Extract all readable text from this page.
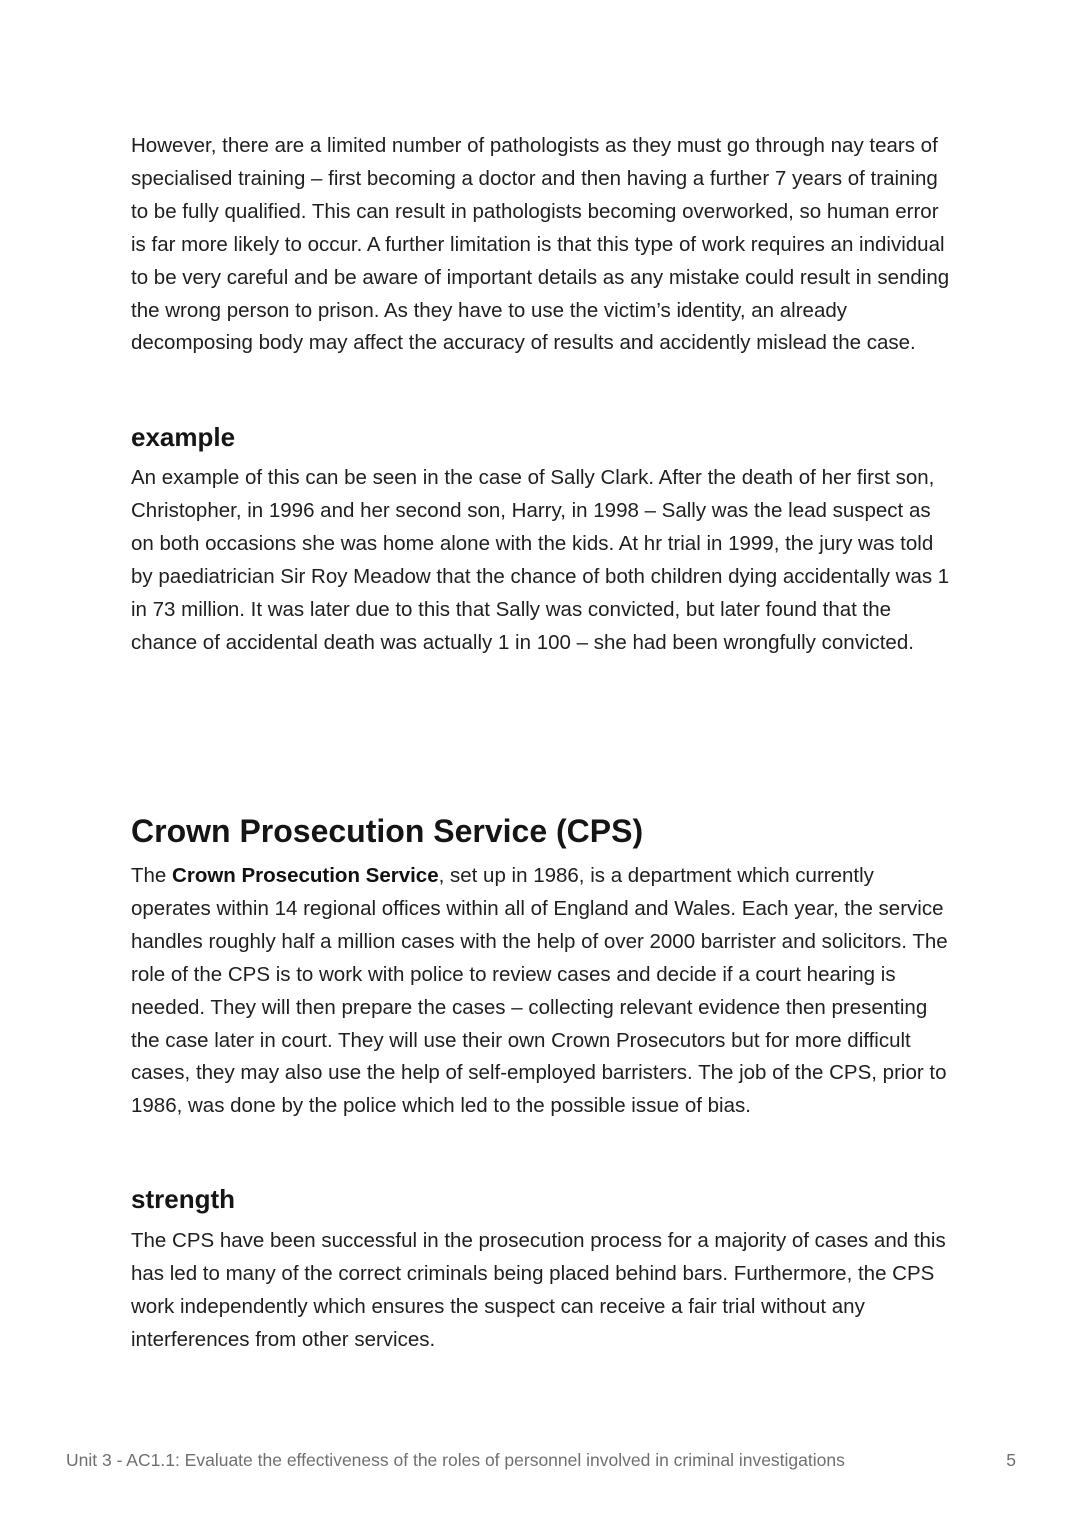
However, there are a limited number of pathologists as they must go through nay tears of specialised training – first becoming a doctor and then having a further 7 years of training to be fully qualified. This can result in pathologists becoming overworked, so human error is far more likely to occur. A further limitation is that this type of work requires an individual to be very careful and be aware of important details as any mistake could result in sending the wrong person to prison. As they have to use the victim’s identity, an already decomposing body may affect the accuracy of results and accidently mislead the case.

example

An example of this can be seen in the case of Sally Clark. After the death of her first son, Christopher, in 1996 and her second son, Harry, in 1998 – Sally was the lead suspect as on both occasions she was home alone with the kids. At hr trial in 1999, the jury was told by paediatrician Sir Roy Meadow that the chance of both children dying accidentally was 1 in 73 million. It was later due to this that Sally was convicted, but later found that the chance of accidental death was actually 1 in 100 – she had been wrongfully convicted.

Crown Prosecution Service (CPS)

The Crown Prosecution Service, set up in 1986, is a department which currently operates within 14 regional offices within all of England and Wales. Each year, the service handles roughly half a million cases with the help of over 2000 barrister and solicitors. The role of the CPS is to work with police to review cases and decide if a court hearing is needed. They will then prepare the cases – collecting relevant evidence then presenting the case later in court. They will use their own Crown Prosecutors but for more difficult cases, they may also use the help of self-employed barristers. The job of the CPS, prior to 1986, was done by the police which led to the possible issue of bias.

strength

The CPS have been successful in the prosecution process for a majority of cases and this has led to many of the correct criminals being placed behind bars. Furthermore, the CPS work independently which ensures the suspect can receive a fair trial without any interferences from other services.

Unit 3 - AC1.1: Evaluate the effectiveness of the roles of personnel involved in criminal investigations	5
